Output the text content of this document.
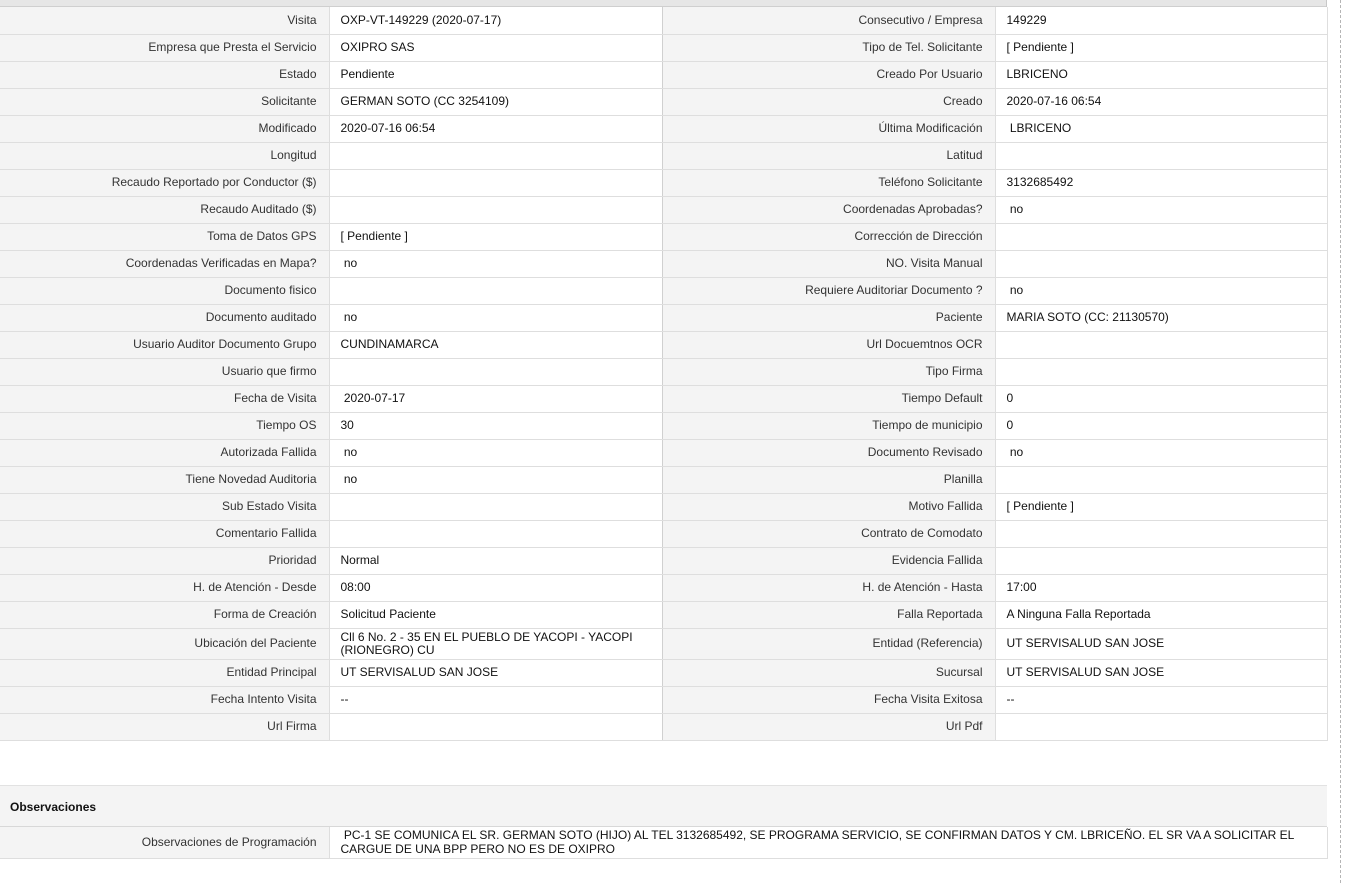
Visita	OXP-VT-149229 (2020-07-17)	Consecutivo / Empresa	149229
Empresa que Presta el Servicio	OXIPRO SAS	Tipo de Tel. Solicitante	[ Pendiente ]
Estado	Pendiente	Creado Por Usuario	LBRICENO
Solicitante	GERMAN SOTO (CC 3254109)	Creado	2020-07-16 06:54
Modificado	2020-07-16 06:54	Última Modificación	LBRICENO
Longitud		Latitud	
Recaudo Reportado por Conductor ($)		Teléfono Solicitante	3132685492
Recaudo Auditado ($)		Coordenadas Aprobadas?	no
Toma de Datos GPS	[ Pendiente ]	Corrección de Dirección	
Coordenadas Verificadas en Mapa?	no	NO. Visita Manual	
Documento fisico		Requiere Auditoriar Documento ?	no
Documento auditado	no	Paciente	MARIA SOTO (CC: 21130570)
Usuario Auditor Documento Grupo	CUNDINAMARCA	Url Docuemtnos OCR	
Usuario que firmo		Tipo Firma	
Fecha de Visita	2020-07-17	Tiempo Default	0
Tiempo OS	30	Tiempo de municipio	0
Autorizada Fallida	no	Documento Revisado	no
Tiene Novedad Auditoria	no	Planilla	
Sub Estado Visita		Motivo Fallida	[ Pendiente ]
Comentario Fallida		Contrato de Comodato	
Prioridad	Normal	Evidencia Fallida	
H. de Atención - Desde	08:00	H. de Atención - Hasta	17:00
Forma de Creación	Solicitud Paciente	Falla Reportada	A Ninguna Falla Reportada
Ubicación del Paciente	Cll 6 No. 2 - 35 EN EL PUEBLO DE YACOPI - YACOPI (RIONEGRO) CU	Entidad (Referencia)	UT SERVISALUD SAN JOSE
Entidad Principal	UT SERVISALUD SAN JOSE	Sucursal	UT SERVISALUD SAN JOSE
Fecha Intento Visita	--	Fecha Visita Exitosa	--
Url Firma		Url Pdf	
Observaciones
Observaciones de Programación	PC-1 SE COMUNICA EL SR. GERMAN SOTO (HIJO) AL TEL 3132685492, SE PROGRAMA SERVICIO, SE CONFIRMAN DATOS Y CM. LBRICEÑO. EL SR VA A SOLICITAR EL CARGUE DE UNA BPP PERO NO ES DE OXIPRO
